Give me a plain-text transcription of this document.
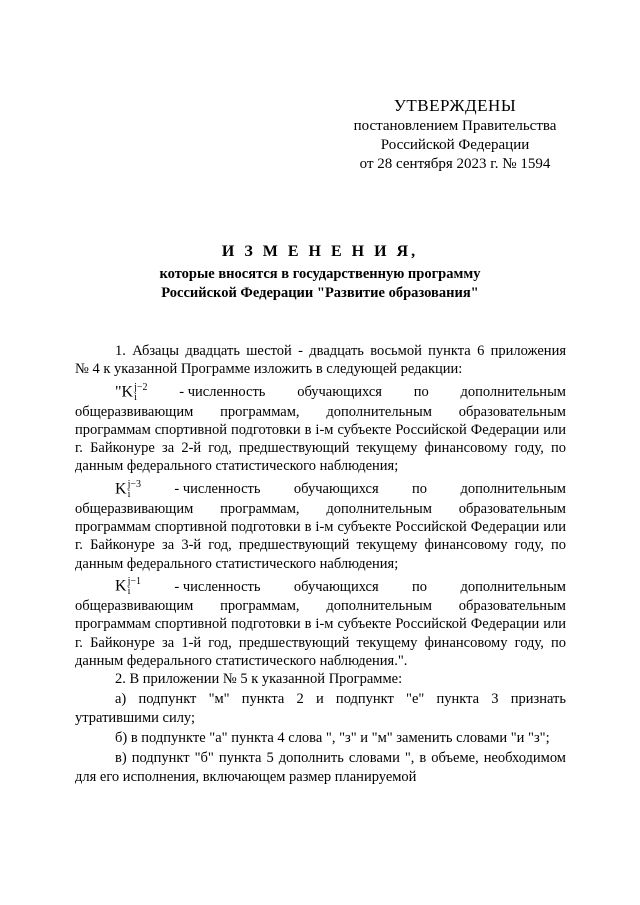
УТВЕРЖДЕНЫ
постановлением Правительства
Российской Федерации
от 28 сентября 2023 г. № 1594
И З М Е Н Е Н И Я,
которые вносятся в государственную программу
Российской Федерации "Развитие образования"

1. Абзацы двадцать шестой - двадцать восьмой пункта 6 приложения

№ 4 к указанной Программе изложить в следующей редакции:

"K j−2
i	- численность обучающихся по дополнительным

общеразвивающим программам, дополнительным образовательным программам спортивной подготовки в i-м субъекте Российской Федерации или г. Байконуре за 2-й год, предшествующий текущему финансовому году, по данным федерального статистического наблюдения;

K j−3
i	- численность обучающихся по дополнительным

общеразвивающим программам, дополнительным образовательным программам спортивной подготовки в i-м субъекте Российской Федерации или г. Байконуре за 3-й год, предшествующий текущему финансовому году, по данным федерального статистического наблюдения;

K j−1
i	- численность обучающихся по дополнительным

общеразвивающим программам, дополнительным образовательным программам спортивной подготовки в i-м субъекте Российской Федерации или г. Байконуре за 1-й год, предшествующий текущему финансовому году, по данным федерального статистического наблюдения.".

2. В приложении № 5 к указанной Программе:

а) подпункт "м" пункта 2 и подпункт "е" пункта 3 признать утратившими силу;

б) в подпункте "а" пункта 4 слова ", "з" и "м" заменить словами "и "з";

в) подпункт "б" пункта 5 дополнить словами ", в объеме, необходимом для его исполнения, включающем размер планируемой
